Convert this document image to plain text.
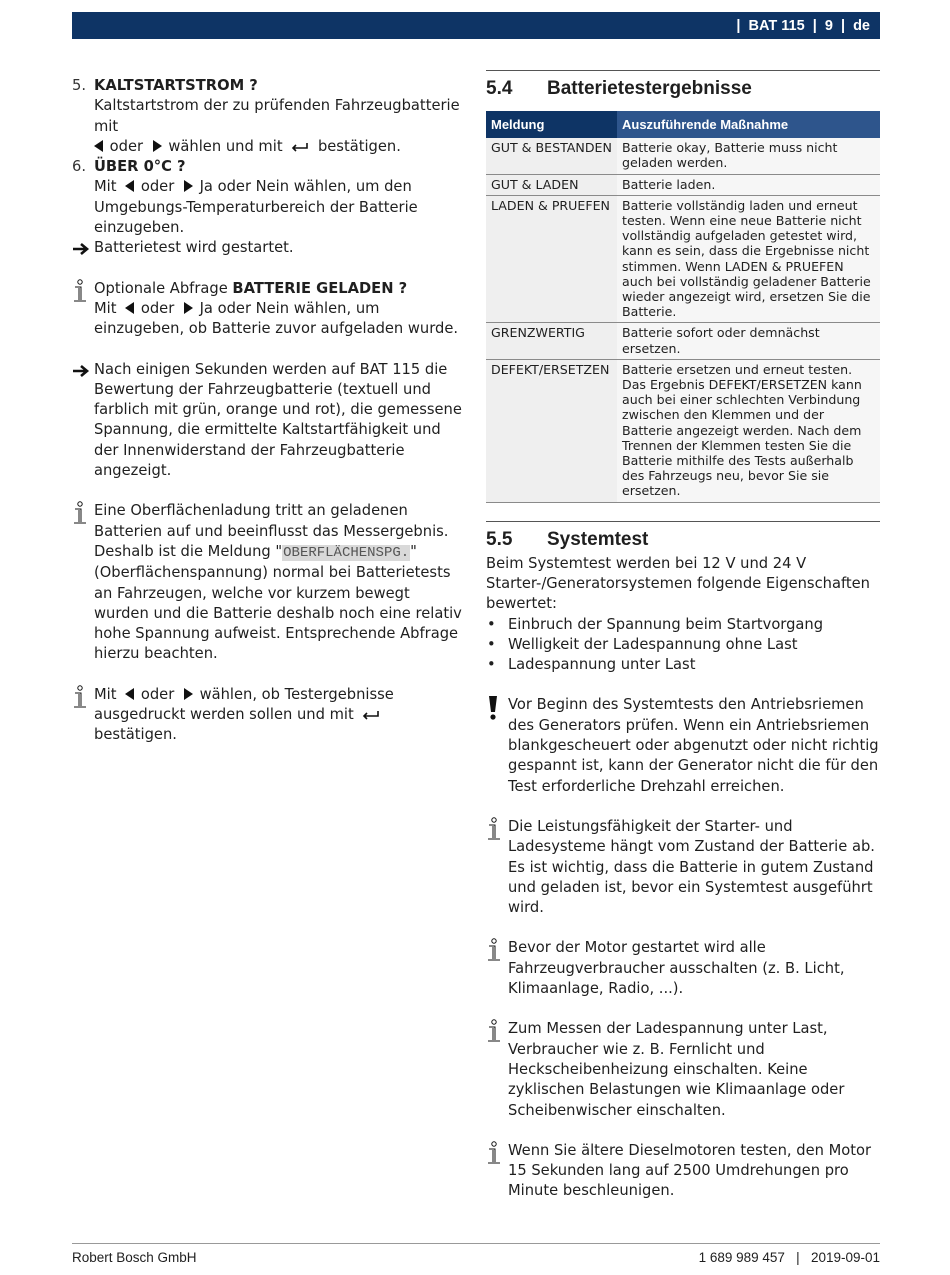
| BAT 115 | 9 | de
5. KALTSTARTSTROM ?
Kaltstartstrom der zu prüfenden Fahrzeugbatterie mit
oder wählen und mit bestätigen.
6. ÜBER 0°C ?
Mit oder Ja oder Nein wählen, um den Umgebungs-Temperaturbereich der Batterie einzugeben.
Batterietest wird gestartet.
Optionale Abfrage BATTERIE GELADEN ?
Mit oder Ja oder Nein wählen, um einzugeben, ob Batterie zuvor aufgeladen wurde.
Nach einigen Sekunden werden auf BAT 115 die Bewertung der Fahrzeugbatterie (textuell und farblich mit grün, orange und rot), die gemessene Spannung, die ermittelte Kaltstartfähigkeit und der Innenwiderstand der Fahrzeugbatterie angezeigt.
Eine Oberflächenladung tritt an geladenen Batterien auf und beeinflusst das Messergebnis. Deshalb ist die Meldung "OBERFLÄCHENSPG." (Oberflächenspannung) normal bei Batterietests an Fahrzeugen, welche vor kurzem bewegt wurden und die Batterie deshalb noch eine relativ hohe Spannung aufweist. Entsprechende Abfrage hierzu beachten.
Mit oder wählen, ob Testergebnisse ausgedruckt werden sollen und mit  bestätigen.
5.4	Batterietestergebnisse
Meldung	Auszuführende Maßnahme
GUT & BESTANDEN	Batterie okay, Batterie muss nicht geladen werden.
GUT & LADEN	Batterie laden.
LADEN & PRUEFEN	Batterie vollständig laden und erneut testen. Wenn eine neue Batterie nicht vollständig aufgeladen getestet wird, kann es sein, dass die Ergebnisse nicht stimmen. Wenn LADEN & PRUEFEN auch bei vollständig geladener Batterie wieder angezeigt wird, ersetzen Sie die Batterie.
GRENZWERTIG	Batterie sofort oder demnächst ersetzen.
DEFEKT/ERSETZEN	Batterie ersetzen und erneut testen. Das Ergebnis DEFEKT/ERSETZEN kann auch bei einer schlechten Verbindung zwischen den Klemmen und der Batterie angezeigt werden. Nach dem Trennen der Klemmen testen Sie die Batterie mithilfe des Tests außerhalb des Fahrzeugs neu, bevor Sie sie ersetzen.
5.5	Systemtest
Beim Systemtest werden bei 12 V und 24 V Starter-/Generatorsystemen folgende Eigenschaften bewertet:
• Einbruch der Spannung beim Startvorgang
• Welligkeit der Ladespannung ohne Last
• Ladespannung unter Last
Vor Beginn des Systemtests den Antriebsriemen des Generators prüfen. Wenn ein Antriebsriemen blankgescheuert oder abgenutzt oder nicht richtig gespannt ist, kann der Generator nicht die für den Test erforderliche Drehzahl erreichen.
Die Leistungsfähigkeit der Starter- und Ladesysteme hängt vom Zustand der Batterie ab. Es ist wichtig, dass die Batterie in gutem Zustand und geladen ist, bevor ein Systemtest ausgeführt wird.
Bevor der Motor gestartet wird alle Fahrzeugverbraucher ausschalten (z. B. Licht, Klimaanlage, Radio, ...).
Zum Messen der Ladespannung unter Last, Verbraucher wie z. B. Fernlicht und Heckscheibenheizung einschalten. Keine zyklischen Belastungen wie Klimaanlage oder Scheibenwischer einschalten.
Wenn Sie ältere Dieselmotoren testen, den Motor 15 Sekunden lang auf 2500 Umdrehungen pro Minute beschleunigen.
Robert Bosch GmbH	1 689 989 457   |   2019-09-01
